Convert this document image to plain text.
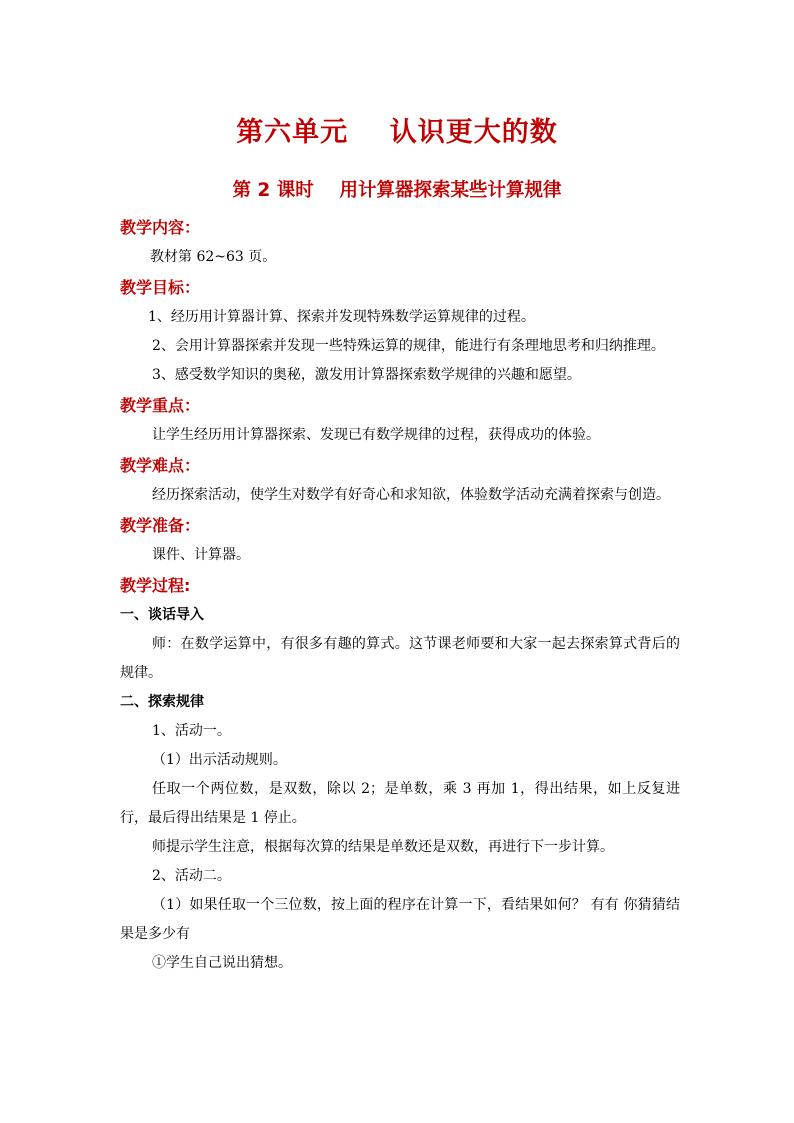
第六单元    认识更大的数
第 2 课时    用计算器探索某些计算规律
教学内容：
教材第 62~63 页。
教学目标：
1、经历用计算器计算、探索并发现特殊数学运算规律的过程。
2、会用计算器探索并发现一些特殊运算的规律，能进行有条理地思考和归纳推理。
3、感受数学知识的奥秘，激发用计算器探索数学规律的兴趣和愿望。
教学重点：
让学生经历用计算器探索、发现已有数学规律的过程，获得成功的体验。
教学难点：
经历探索活动，使学生对数学有好奇心和求知欲，体验数学活动充满着探索与创造。
教学准备：
课件、计算器。
教学过程:
一、谈话导入
师：在数学运算中，有很多有趣的算式。这节课老师要和大家一起去探索算式背后的规律。
二、探索规律
1、活动一。
（1）出示活动规则。
任取一个两位数，是双数，除以 2；是单数，乘 3 再加 1，得出结果，如上反复进行，最后得出结果是 1 停止。
师提示学生注意，根据每次算的结果是单数还是双数，再进行下一步计算。
2、活动二。
（1）如果任取一个三位数，按上面的程序在计算一下，看结果如何？ 有有 你猜猜结果是多少有
①学生自己说出猜想。
